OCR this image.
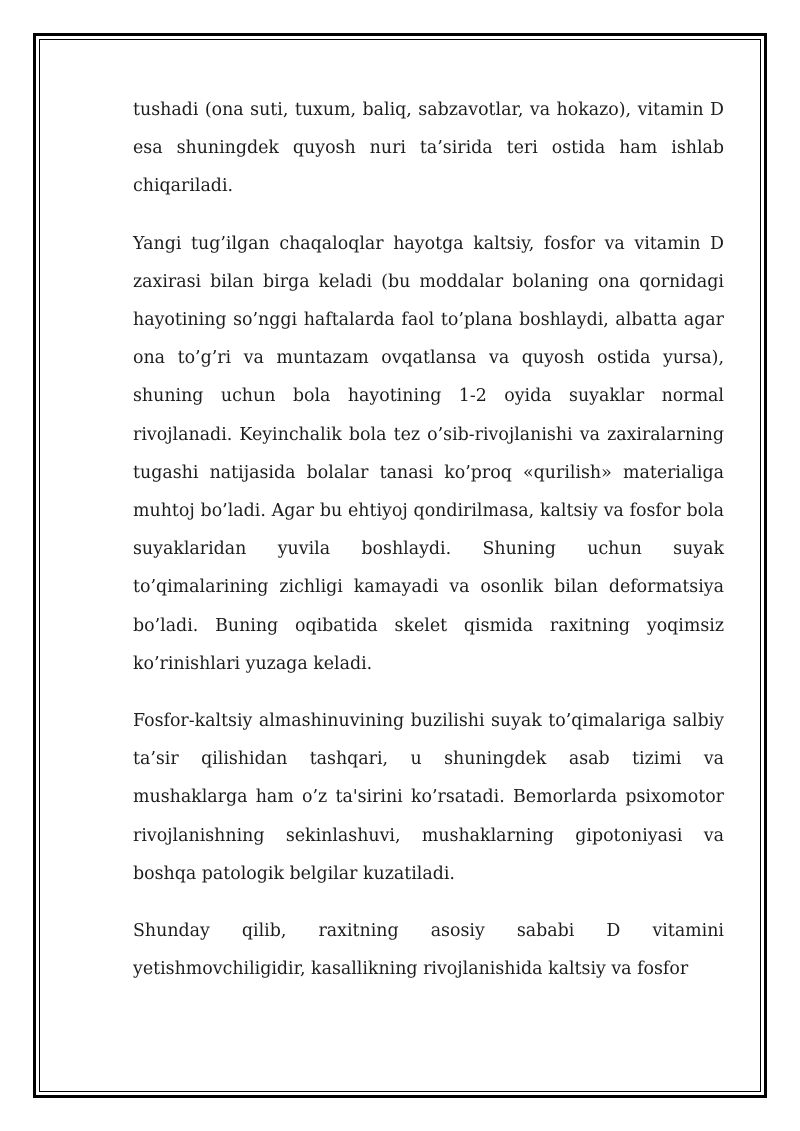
tushadi (ona suti, tuxum, baliq, sabzavotlar, va hokazo), vitamin D esa shuningdek quyosh nuri ta’sirida teri ostida ham ishlab chiqariladi.

Yangi tug’ilgan chaqaloqlar hayotga kaltsiy, fosfor va vitamin D zaxirasi bilan birga keladi (bu moddalar bolaning ona qornidagi hayotining so’nggi haftalarda faol to’plana boshlaydi, albatta agar ona to’g’ri va muntazam ovqatlansa va quyosh ostida yursa), shuning uchun bola hayotining 1-2 oyida suyaklar normal rivojlanadi. Keyinchalik bola tez o’sib-rivojlanishi va zaxiralarning tugashi natijasida bolalar tanasi ko’proq «qurilish» materialiga muhtoj bo’ladi. Agar bu ehtiyoj qondirilmasa, kaltsiy va fosfor bola suyaklaridan yuvila boshlaydi. Shuning uchun suyak to’qimalarining zichligi kamayadi va osonlik bilan deformatsiya bo’ladi. Buning oqibatida skelet qismida raxitning yoqimsiz ko’rinishlari yuzaga keladi.

Fosfor-kaltsiy almashinuvining buzilishi suyak to’qimalariga salbiy ta’sir qilishidan tashqari, u shuningdek asab tizimi va mushaklarga ham o’z ta'sirini ko’rsatadi. Bemorlarda psixomotor rivojlanishning sekinlashuvi, mushaklarning gipotoniyasi va boshqa patologik belgilar kuzatiladi.

Shunday qilib, raxitning asosiy sababi D vitamini yetishmovchiligidir, kasallikning rivojlanishida kaltsiy va fosfor
